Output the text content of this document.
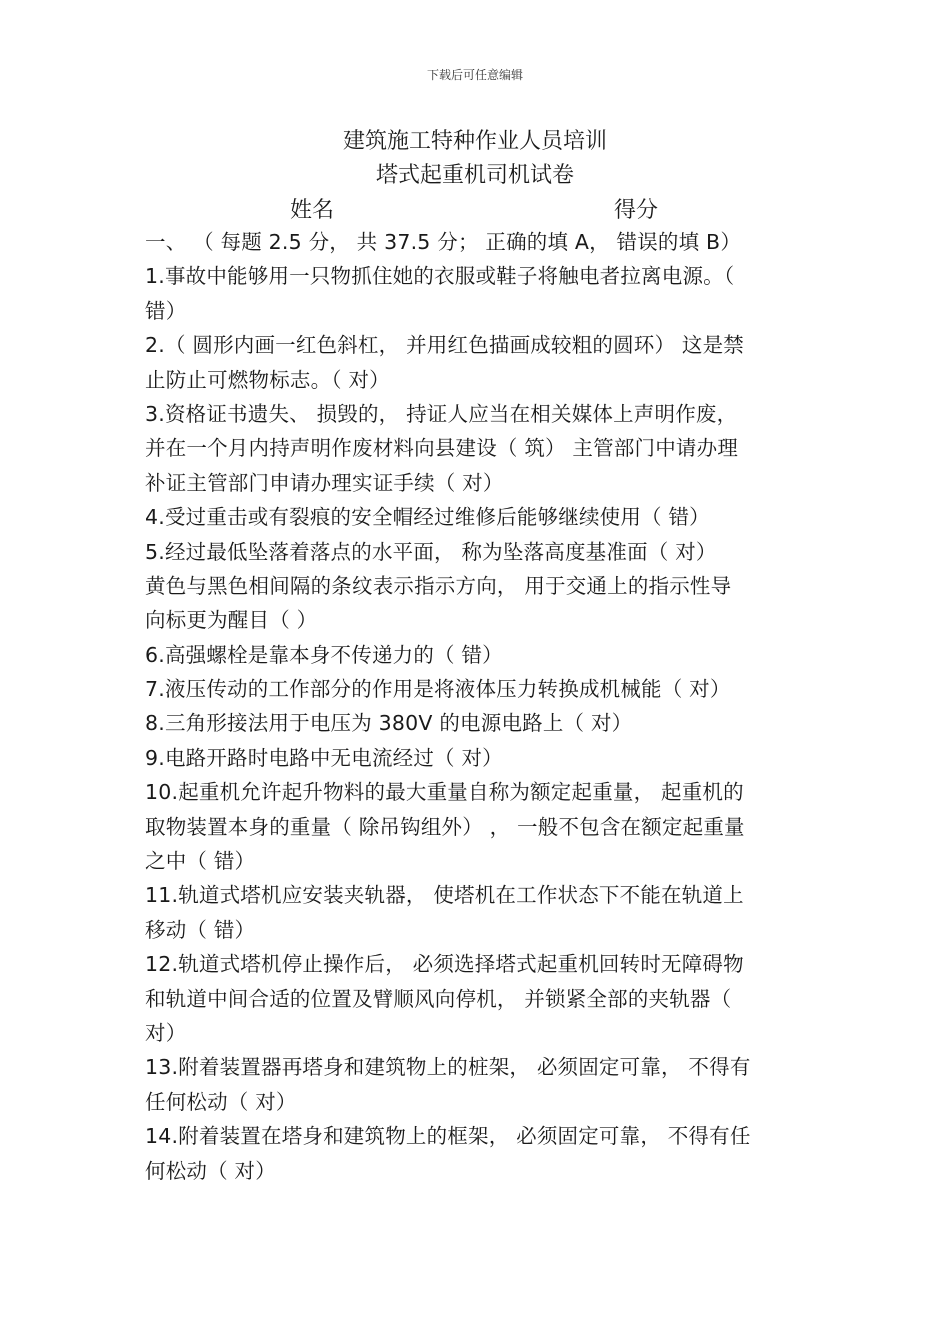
下载后可任意编辑
建筑施工特种作业人员培训
塔式起重机司机试卷
姓名	得分
一、 （ 每题 2.5 分， 共 37.5 分； 正确的填 A， 错误的填 B）
1.事故中能够用一只物抓住她的衣服或鞋子将触电者拉离电源。（
错）
2.（ 圆形内画一红色斜杠， 并用红色描画成较粗的圆环） 这是禁
止防止可燃物标志。（ 对）
3.资格证书遗失、 损毁的， 持证人应当在相关媒体上声明作废，
并在一个月内持声明作废材料向县建设（ 筑） 主管部门中请办理
补证主管部门申请办理实证手续（ 对）
4.受过重击或有裂痕的安全帽经过维修后能够继续使用（ 错）
5.经过最低坠落着落点的水平面， 称为坠落高度基准面（ 对）
黄色与黑色相间隔的条纹表示指示方向， 用于交通上的指示性导
向标更为醒目（ ）
6.高强螺栓是靠本身不传递力的（ 错）
7.液压传动的工作部分的作用是将液体压力转换成机械能（ 对）
8.三角形接法用于电压为 380V 的电源电路上（ 对）
9.电路开路时电路中无电流经过（ 对）
10.起重机允许起升物料的最大重量自称为额定起重量， 起重机的
取物装置本身的重量（ 除吊钩组外） ， 一般不包含在额定起重量
之中（ 错）
11.轨道式塔机应安装夹轨器， 使塔机在工作状态下不能在轨道上
移动（ 错）
12.轨道式塔机停止操作后， 必须选择塔式起重机回转时无障碍物
和轨道中间合适的位置及臂顺风向停机， 并锁紧全部的夹轨器（
对）
13.附着装置器再塔身和建筑物上的桩架， 必须固定可靠， 不得有
任何松动（ 对）
14.附着装置在塔身和建筑物上的框架， 必须固定可靠， 不得有任
何松动（ 对）
